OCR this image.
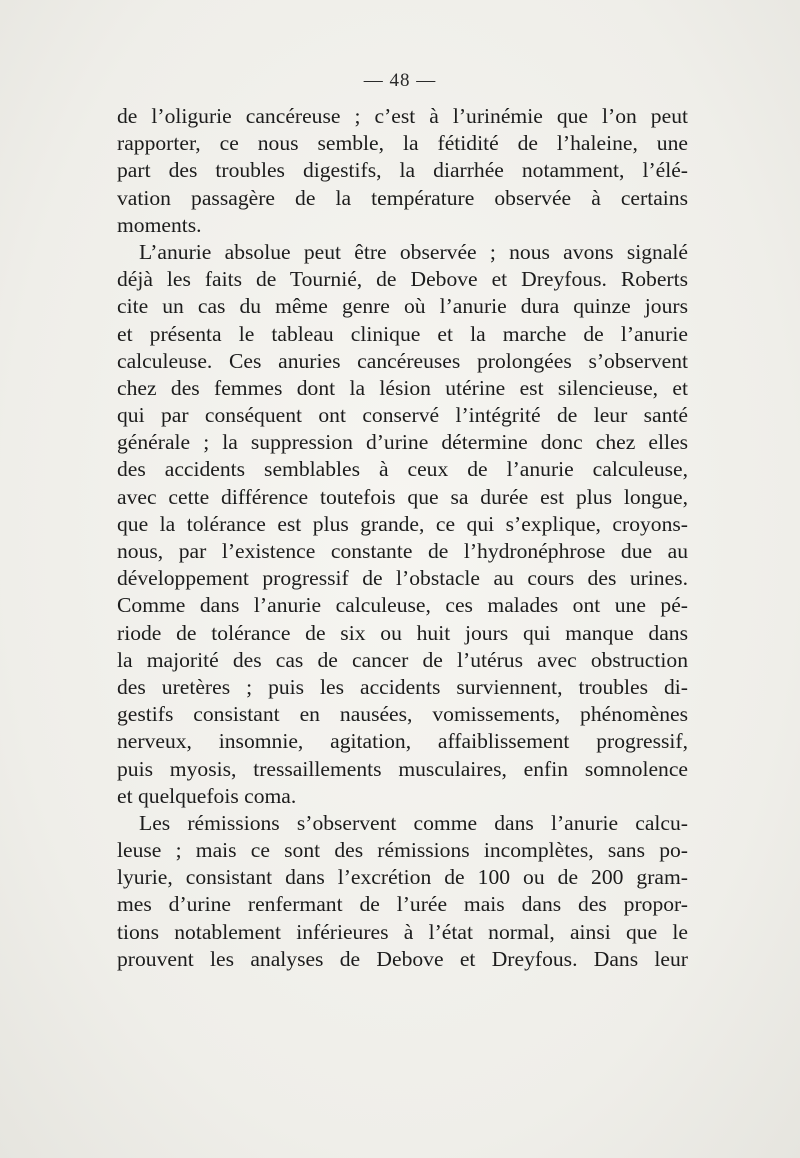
— 48 —
de l’oligurie cancéreuse ; c’est à l’urinémie que l’on peut
rapporter, ce nous semble, la fétidité de l’haleine, une
part des troubles digestifs, la diarrhée notamment, l’élé-
vation passagère de la température observée à certains
moments.
L’anurie absolue peut être observée ; nous avons signalé
déjà les faits de Tournié, de Debove et Dreyfous. Roberts
cite un cas du même genre où l’anurie dura quinze jours
et présenta le tableau clinique et la marche de l’anurie
calculeuse. Ces anuries cancéreuses prolongées s’observent
chez des femmes dont la lésion utérine est silencieuse, et
qui par conséquent ont conservé l’intégrité de leur santé
générale ; la suppression d’urine détermine donc chez elles
des accidents semblables à ceux de l’anurie calculeuse,
avec cette différence toutefois que sa durée est plus longue,
que la tolérance est plus grande, ce qui s’explique, croyons-
nous, par l’existence constante de l’hydronéphrose due au
développement progressif de l’obstacle au cours des urines.
Comme dans l’anurie calculeuse, ces malades ont une pé-
riode de tolérance de six ou huit jours qui manque dans
la majorité des cas de cancer de l’utérus avec obstruction
des uretères ; puis les accidents surviennent, troubles di-
gestifs consistant en nausées, vomissements, phénomènes
nerveux, insomnie, agitation, affaiblissement progressif,
puis myosis, tressaillements musculaires, enfin somnolence
et quelquefois coma.
Les rémissions s’observent comme dans l’anurie calcu-
leuse ; mais ce sont des rémissions incomplètes, sans po-
lyurie, consistant dans l’excrétion de 100 ou de 200 gram-
mes d’urine renfermant de l’urée mais dans des propor-
tions notablement inférieures à l’état normal, ainsi que le
prouvent les analyses de Debove et Dreyfous. Dans leur
